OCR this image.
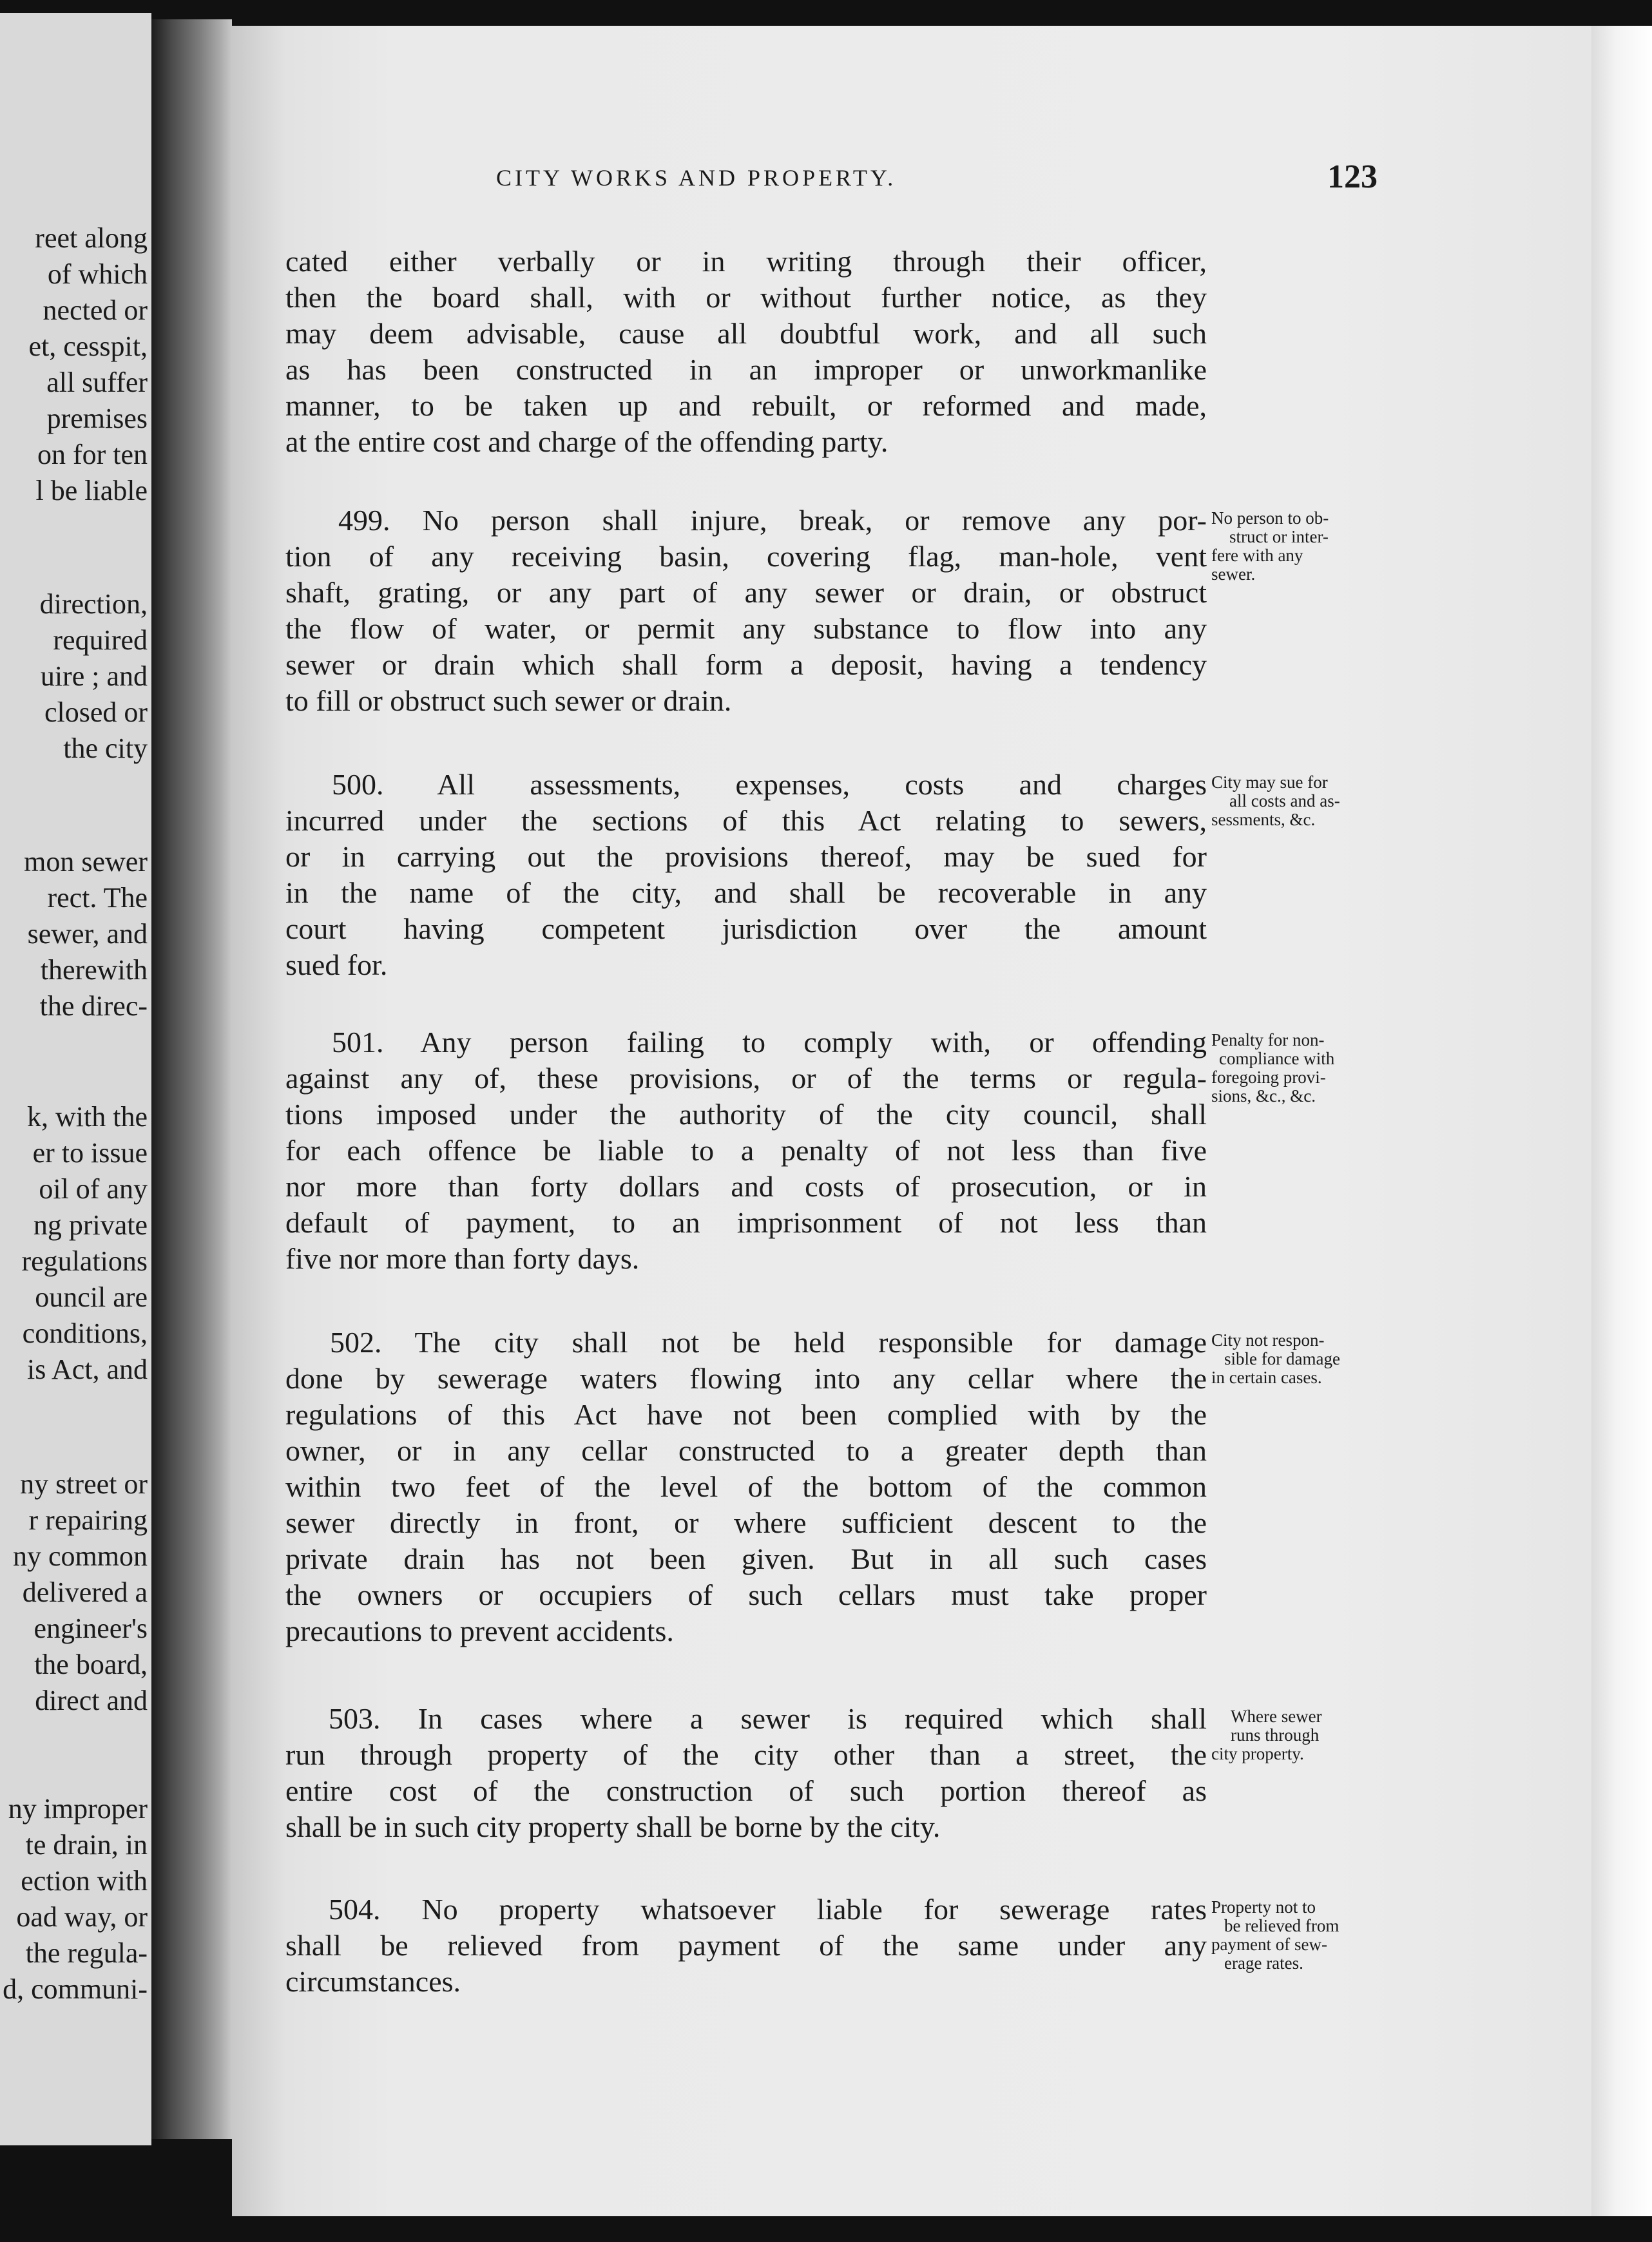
reet along
of which
nected or
et, cesspit,
all suffer
premises
on for ten
l be liable
direction,
required
uire ; and
closed or
the city
mon sewer
rect. The
sewer, and
therewith
the direc-
k, with the
er to issue
oil of any
ng private
regulations
ouncil are
conditions,
is Act, and
ny street or
r repairing
ny common
delivered a
engineer's
the board,
direct and
ny improper
te drain, in
ection with
oad way, or
the regula-
d, communi-
CITY WORKS AND PROPERTY.	123
cated either verbally or in writing through their officer,
then the board shall, with or without further notice, as they
may deem advisable, cause all doubtful work, and all such
as has been constructed in an improper or unworkmanlike
manner, to be taken up and rebuilt, or reformed and made,
at the entire cost and charge of the offending party.
499. No person shall injure, break, or remove any por-
tion of any receiving basin, covering flag, man-hole, vent
shaft, grating, or any part of any sewer or drain, or obstruct
the flow of water, or permit any substance to flow into any
sewer or drain which shall form a deposit, having a tendency
to fill or obstruct such sewer or drain.
500. All assessments, expenses, costs and charges
incurred under the sections of this Act relating to sewers,
or in carrying out the provisions thereof, may be sued for
in the name of the city, and shall be recoverable in any
court having competent jurisdiction over the amount
sued for.
501. Any person failing to comply with, or offending
against any of, these provisions, or of the terms or regula-
tions imposed under the authority of the city council, shall
for each offence be liable to a penalty of not less than five
nor more than forty dollars and costs of prosecution, or in
default of payment, to an imprisonment of not less than
five nor more than forty days.
502. The city shall not be held responsible for damage
done by sewerage waters flowing into any cellar where the
regulations of this Act have not been complied with by the
owner, or in any cellar constructed to a greater depth than
within two feet of the level of the bottom of the common
sewer directly in front, or where sufficient descent to the
private drain has not been given. But in all such cases
the owners or occupiers of such cellars must take proper
precautions to prevent accidents.
503. In cases where a sewer is required which shall
run through property of the city other than a street, the
entire cost of the construction of such portion thereof as
shall be in such city property shall be borne by the city.
504. No property whatsoever liable for sewerage rates
shall be relieved from payment of the same under any
circumstances.
No person to ob-
struct or inter-
fere with any
sewer.
City may sue for
all costs and as-
sessments, &c.
Penalty for non-
compliance with
foregoing provi-
sions, &c., &c.
City not respon-
sible for damage
in certain cases.
Where sewer
runs through
city property.
Property not to
be relieved from
payment of sew-
erage rates.
